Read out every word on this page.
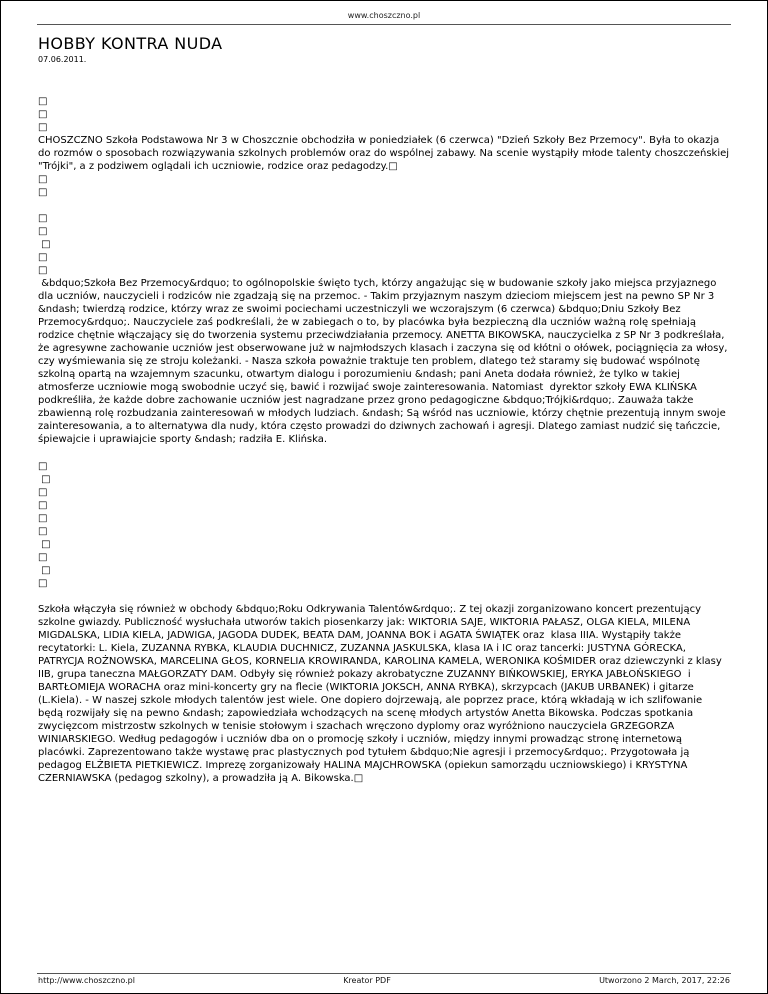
www.choszczno.pl
HOBBY KONTRA NUDA
07.06.2011.
□
□
□
CHOSZCZNO Szkoła Podstawowa Nr 3 w Choszcznie obchodziła w poniedziałek (6 czerwca) "Dzień Szkoły Bez Przemocy". Była to okazja do rozmów o sposobach rozwiązywania szkolnych problemów oraz do wspólnej zabawy. Na scenie wystąpiły młode talenty choszczeńskiej "Trójki", a z podziwem oglądali ich uczniowie, rodzice oraz pedagodzy.□
□
□
□
□
□
□
□
&bdquo;Szkoła Bez Przemocy&rdquo; to ogólnopolskie święto tych, którzy angażując się w budowanie szkoły jako miejsca przyjaznego dla uczniów, nauczycieli i rodziców nie zgadzają się na przemoc. - Takim przyjaznym naszym dzieciom miejscem jest na pewno SP Nr 3 &ndash; twierdzą rodzice, którzy wraz ze swoimi pociechami uczestniczyli we wczorajszym (6 czerwca) &bdquo;Dniu Szkoły Bez Przemocy&rdquo;. Nauczyciele zaś podkreślali, że w zabiegach o to, by placówka była bezpieczną dla uczniów ważną rolę spełniają rodzice chętnie włączający się do tworzenia systemu przeciwdziałania przemocy. ANETTA BIKOWSKA, nauczycielka z SP Nr 3 podkreślała, że agresywne zachowanie uczniów jest obserwowane już w najmłodszych klasach i zaczyna się od kłótni o ołówek, pociągnięcia za włosy, czy wyśmiewania się ze stroju koleżanki. - Nasza szkoła poważnie traktuje ten problem, dlatego też staramy się budować wspólnotę szkolną opartą na wzajemnym szacunku, otwartym dialogu i porozumieniu &ndash; pani Aneta dodała również, że tylko w takiej atmosferze uczniowie mogą swobodnie uczyć się, bawić i rozwijać swoje zainteresowania. Natomiast  dyrektor szkoły EWA KLIŃSKA podkreśliła, że każde dobre zachowanie uczniów jest nagradzane przez grono pedagogiczne &bdquo;Trójki&rdquo;. Zauważa także zbawienną rolę rozbudzania zainteresowań w młodych ludziach. &ndash; Są wśród nas uczniowie, którzy chętnie prezentują innym swoje zainteresowania, a to alternatywa dla nudy, która często prowadzi do dziwnych zachowań i agresji. Dlatego zamiast nudzić się tańczcie, śpiewajcie i uprawiajcie sporty &ndash; radziła E. Klińska.
□
□
□
□
□
□
□
□
□
□
Szkoła włączyła się również w obchody &bdquo;Roku Odkrywania Talentów&rdquo;. Z tej okazji zorganizowano koncert prezentujący szkolne gwiazdy. Publiczność wysłuchała utworów takich piosenkarzy jak: WIKTORIA SAJE, WIKTORIA PAŁASZ, OLGA KIELA, MILENA MIGDALSKA, LIDIA KIELA, JADWIGA, JAGODA DUDEK, BEATA DAM, JOANNA BOK i AGATA ŚWIĄTEK oraz  klasa IIIA. Wystąpiły także recytatorki: L. Kiela, ZUZANNA RYBKA, KLAUDIA DUCHNICZ, ZUZANNA JASKULSKA, klasa IA i IC oraz tancerki: JUSTYNA GÓRECKA, PATRYCJA ROŻNOWSKA, MARCELINA GŁOS, KORNELIA KROWIRANDA, KAROLINA KAMELA, WERONIKA KOŚMIDER oraz dziewczynki z klasy IIB, grupa taneczna MAŁGORZATY DAM. Odbyły się również pokazy akrobatyczne ZUZANNY BIŃKOWSKIEJ, ERYKA JABŁOŃSKIEGO  i BARTŁOMIEJA WORACHA oraz mini-koncerty gry na flecie (WIKTORIA JOKSCH, ANNA RYBKA), skrzypcach (JAKUB URBANEK) i gitarze (L.Kiela). - W naszej szkole młodych talentów jest wiele. One dopiero dojrzewają, ale poprzez prace, którą wkładają w ich szlifowanie będą rozwijały się na pewno &ndash; zapowiedziała wchodzących na scenę młodych artystów Anetta Bikowska. Podczas spotkania zwycięzcom mistrzostw szkolnych w tenisie stołowym i szachach wręczono dyplomy oraz wyróżniono nauczyciela GRZEGORZA WINIARSKIEGO. Według pedagogów i uczniów dba on o promocję szkoły i uczniów, między innymi prowadząc stronę internetową placówki. Zaprezentowano także wystawę prac plastycznych pod tytułem &bdquo;Nie agresji i przemocy&rdquo;. Przygotowała ją pedagog ELŻBIETA PIETKIEWICZ. Imprezę zorganizowały HALINA MAJCHROWSKA (opiekun samorządu uczniowskiego) i KRYSTYNA CZERNIAWSKA (pedagog szkolny), a prowadziła ją A. Bikowska.□
http://www.choszczno.pl	Kreator PDF	Utworzono 2 March, 2017, 22:26
